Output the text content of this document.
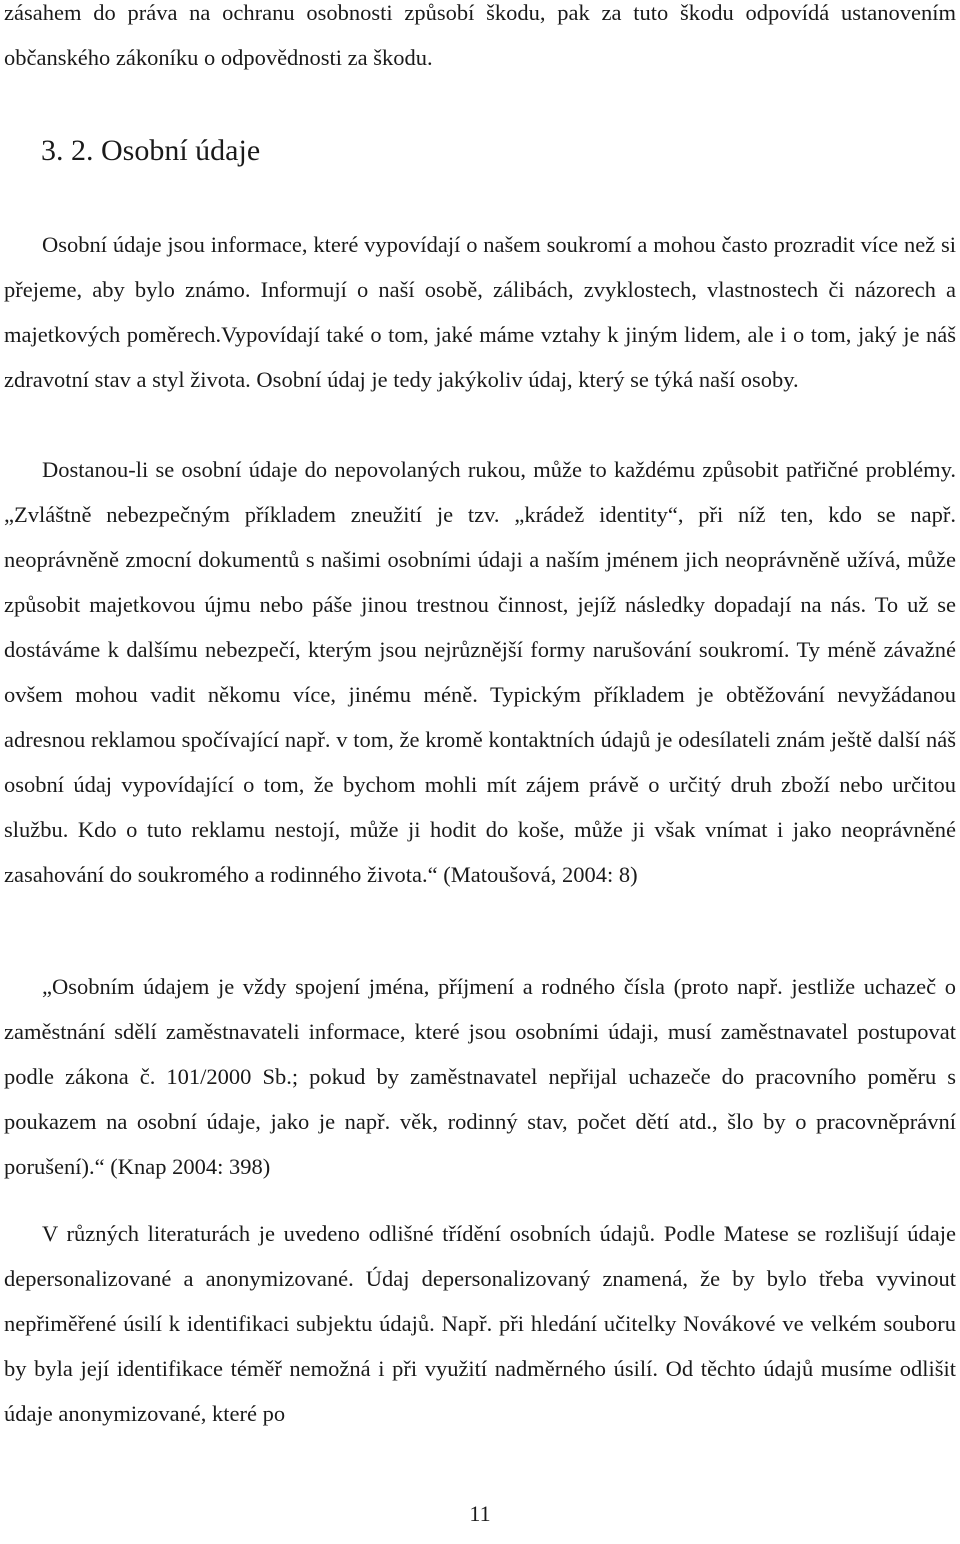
zásahem do práva na ochranu osobnosti způsobí škodu, pak za tuto škodu odpovídá ustanovením občanského zákoníku o odpovědnosti za škodu.

3. 2. Osobní údaje

Osobní údaje jsou informace, které vypovídají o našem soukromí a mohou často prozradit více než si přejeme, aby bylo známo. Informují o naší osobě, zálibách, zvyklostech, vlastnostech či názorech a majetkových poměrech.Vypovídají také o tom, jaké máme vztahy k jiným lidem, ale i o tom, jaký je náš zdravotní stav a styl života. Osobní údaj je tedy jakýkoliv údaj, který se týká naší osoby.

Dostanou-li se osobní údaje do nepovolaných rukou, může to každému způsobit patřičné problémy. „Zvláštně nebezpečným příkladem zneužití je tzv. „krádež identity“, při níž ten, kdo se např. neoprávněně zmocní dokumentů s našimi osobními údaji a naším jménem jich neoprávněně užívá, může způsobit majetkovou újmu nebo páše jinou trestnou činnost, jejíž následky dopadají na nás. To už se dostáváme k dalšímu nebezpečí, kterým jsou nejrůznější formy narušování soukromí. Ty méně závažné ovšem mohou vadit někomu více, jinému méně. Typickým příkladem je obtěžování nevyžádanou adresnou reklamou spočívající např. v tom, že kromě kontaktních údajů je odesílateli znám ještě další náš osobní údaj vypovídající o tom, že bychom mohli mít zájem právě o určitý druh zboží nebo určitou službu. Kdo o tuto reklamu nestojí, může ji hodit do koše, může ji však vnímat i jako neoprávněné zasahování do soukromého a rodinného života.“ (Matoušová, 2004: 8)

„Osobním údajem je vždy spojení jména, příjmení a rodného čísla (proto např. jestliže uchazeč o zaměstnání sdělí zaměstnavateli informace, které jsou osobními údaji, musí zaměstnavatel postupovat podle zákona č. 101/2000 Sb.; pokud by zaměstnavatel nepřijal uchazeče do pracovního poměru s poukazem na osobní údaje, jako je např. věk, rodinný stav, počet dětí atd., šlo by o pracovněprávní porušení).“ (Knap 2004: 398)

V různých literaturách je uvedeno odlišné třídění osobních údajů. Podle Matese se rozlišují údaje depersonalizované a anonymizované. Údaj depersonalizovaný znamená, že by bylo třeba vyvinout nepřiměřené úsilí k identifikaci subjektu údajů. Např. při hledání učitelky Novákové ve velkém souboru by byla její identifikace téměř nemožná i při využití nadměrného úsilí. Od těchto údajů musíme odlišit údaje anonymizované, které po

11
